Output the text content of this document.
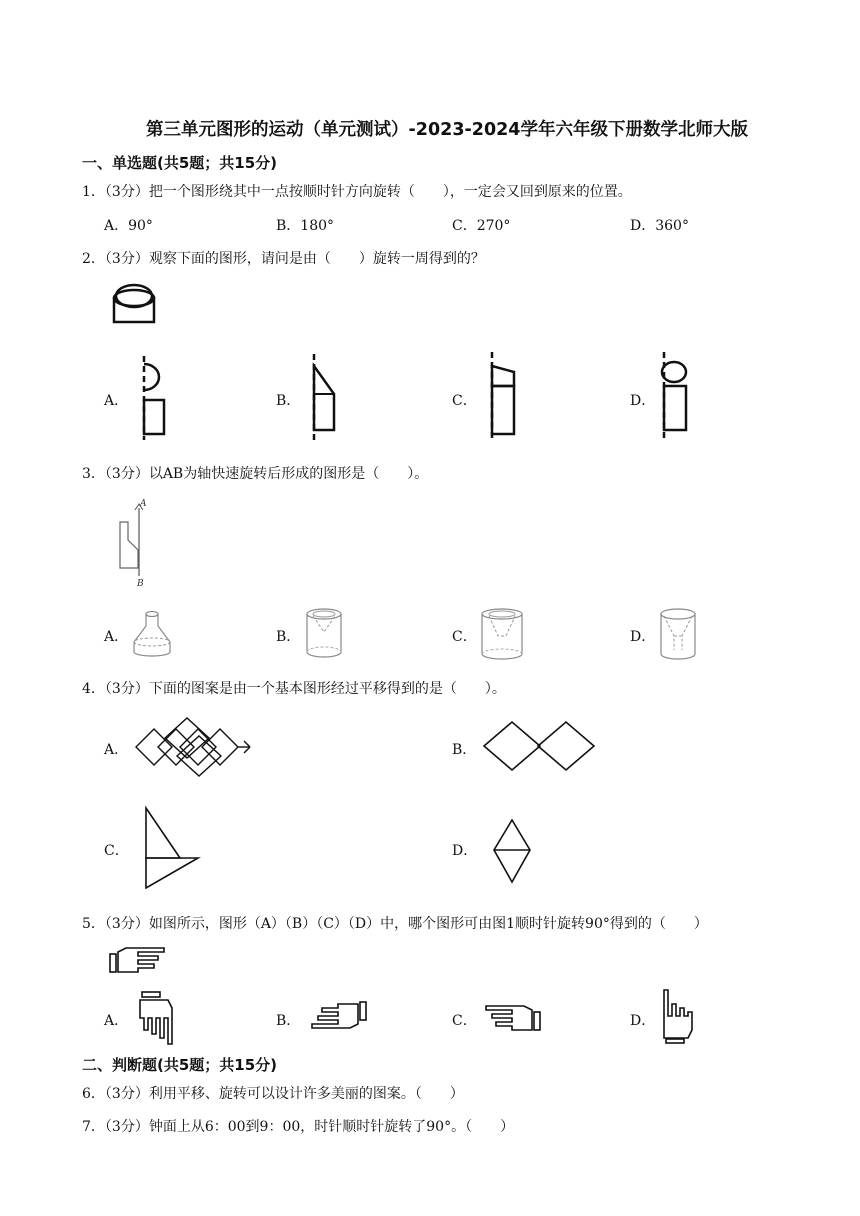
第三单元图形的运动（单元测试）-2023-2024学年六年级下册数学北师大版
一、单选题(共5题；共15分)
1．（3分）把一个图形绕其中一点按顺时针方向旋转（　　），一定会又回到原来的位置。
A．90°	B．180°	C．270°	D．360°
2．（3分）观察下面的图形，请问是由（　　）旋转一周得到的？
A．	B．	C．	D．
3．（3分）以AB为轴快速旋转后形成的图形是（　　）。
A
B
A．	B．	C．	D．
4．（3分）下面的图案是由一个基本图形经过平移得到的是（　　）。
A．	B．
C．	D．
5．（3分）如图所示，图形（A）（B）（C）（D）中，哪个图形可由图1顺时针旋转90°得到的（　　）
A．	B．	C．	D．
二、判断题(共5题；共15分)
6．（3分）利用平移、旋转可以设计许多美丽的图案。（　　）
7．（3分）钟面上从6：00到9：00，时针顺时针旋转了90°。（　　）
